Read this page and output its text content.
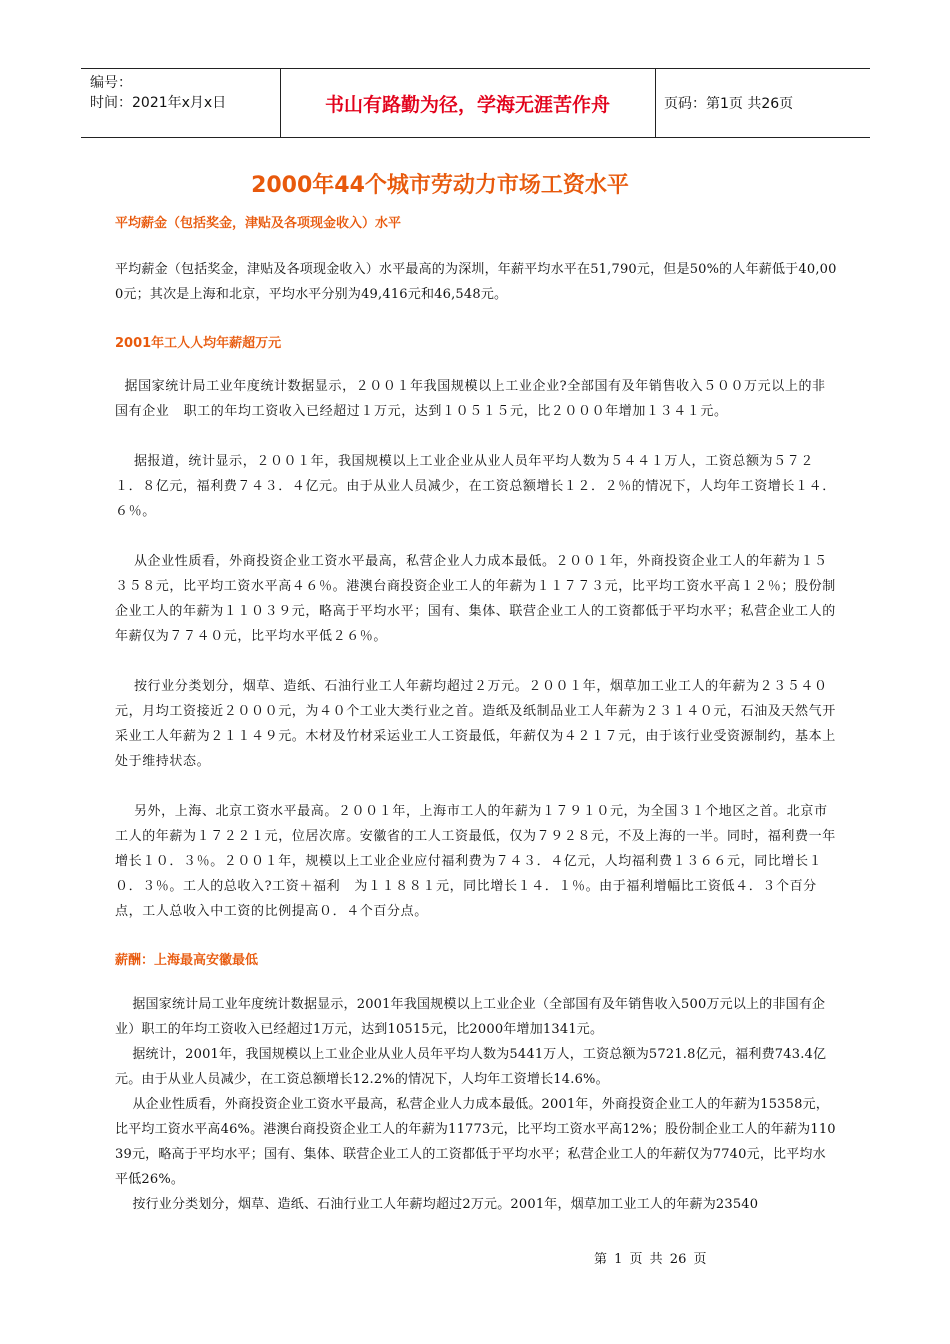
编号：
时间：2021年x月x日	书山有路勤为径，学海无涯苦作舟	页码：第1页 共26页
2000年44个城市劳动力市场工资水平
平均薪金（包括奖金，津贴及各项现金收入）水平
平均薪金（包括奖金，津贴及各项现金收入）水平最高的为深圳，年薪平均水平在51,790元，但是50%的人年薪低于40,000元；其次是上海和北京，平均水平分别为49,416元和46,548元。
2001年工人人均年薪超万元
据国家统计局工业年度统计数据显示，２００１年我国规模以上工业企业?全部国有及年销售收入５００万元以上的非国有企业   职工的年均工资收入已经超过１万元，达到１０５１５元，比２０００年增加１３４１元。
据报道，统计显示，２００１年，我国规模以上工业企业从业人员年平均人数为５４４１万人，工资总额为５７２１．８亿元，福利费７４３．４亿元。由于从业人员减少，在工资总额增长１２．２％的情况下，人均年工资增长１４．６％。
从企业性质看，外商投资企业工资水平最高，私营企业人力成本最低。２００１年，外商投资企业工人的年薪为１５３５８元，比平均工资水平高４６％。港澳台商投资企业工人的年薪为１１７７３元，比平均工资水平高１２％；股份制企业工人的年薪为１１０３９元，略高于平均水平；国有、集体、联营企业工人的工资都低于平均水平；私营企业工人的年薪仅为７７４０元，比平均水平低２６％。
按行业分类划分，烟草、造纸、石油行业工人年薪均超过２万元。２００１年，烟草加工业工人的年薪为２３５４０元，月均工资接近２０００元，为４０个工业大类行业之首。造纸及纸制品业工人年薪为２３１４０元，石油及天然气开采业工人年薪为２１１４９元。木材及竹材采运业工人工资最低，年薪仅为４２１７元，由于该行业受资源制约，基本上处于维持状态。
另外，上海、北京工资水平最高。２００１年，上海市工人的年薪为１７９１０元，为全国３１个地区之首。北京市工人的年薪为１７２２１元，位居次席。安徽省的工人工资最低，仅为７９２８元，不及上海的一半。同时，福利费一年增长１０．３％。２００１年，规模以上工业企业应付福利费为７４３．４亿元，人均福利费１３６６元，同比增长１０．３％。工人的总收入?工资＋福利   为１１８８１元，同比增长１４．１％。由于福利增幅比工资低４．３个百分点，工人总收入中工资的比例提高０．４个百分点。
薪酬：上海最高安徽最低
据国家统计局工业年度统计数据显示，2001年我国规模以上工业企业（全部国有及年销售收入500万元以上的非国有企业）职工的年均工资收入已经超过1万元，达到10515元，比2000年增加1341元。
据统计，2001年，我国规模以上工业企业从业人员年平均人数为5441万人，工资总额为5721.8亿元，福利费743.4亿元。由于从业人员减少，在工资总额增长12.2%的情况下，人均年工资增长14.6%。
从企业性质看，外商投资企业工资水平最高，私营企业人力成本最低。2001年，外商投资企业工人的年薪为15358元，比平均工资水平高46%。港澳台商投资企业工人的年薪为11773元，比平均工资水平高12%；股份制企业工人的年薪为11039元，略高于平均水平；国有、集体、联营企业工人的工资都低于平均水平；私营企业工人的年薪仅为7740元，比平均水平低26%。
按行业分类划分，烟草、造纸、石油行业工人年薪均超过2万元。2001年，烟草加工业工人的年薪为23540
第 1 页 共 26 页
